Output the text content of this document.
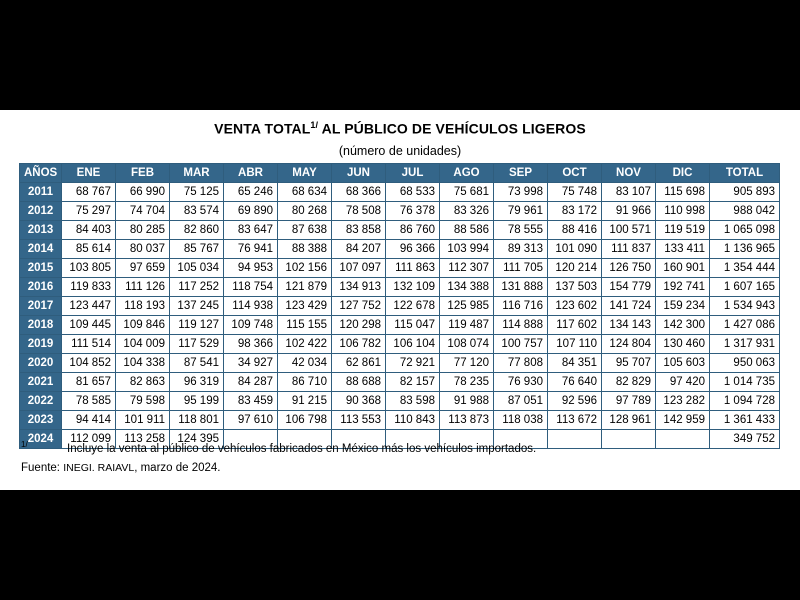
VENTA $TOTAL^{1/}$ AL PÚBLICO DE VEHÍCULOS LIGEROS
(número de unidades)
AÑOS	ENE	FEB	MAR	ABR	MAY	JUN	JUL	AGO	SEP	OCT	NOV	DIC	TOTAL
2011	68 767	66 990	75 125	65 246	68 634	68 366	68 533	75 681	73 998	75 748	83 107	115 698	905 893
2012	75 297	74 704	83 574	69 890	80 268	78 508	76 378	83 326	79 961	83 172	91 966	110 998	988 042
2013	84 403	80 285	82 860	83 647	87 638	83 858	86 760	88 586	78 555	88 416	100 571	119 519	1 065 098
2014	85 614	80 037	85 767	76 941	88 388	84 207	96 366	103 994	89 313	101 090	111 837	133 411	1 136 965
2015	103 805	97 659	105 034	94 953	102 156	107 097	111 863	112 307	111 705	120 214	126 750	160 901	1 354 444
2016	119 833	111 126	117 252	118 754	121 879	134 913	132 109	134 388	131 888	137 503	154 779	192 741	1 607 165
2017	123 447	118 193	137 245	114 938	123 429	127 752	122 678	125 985	116 716	123 602	141 724	159 234	1 534 943
2018	109 445	109 846	119 127	109 748	115 155	120 298	115 047	119 487	114 888	117 602	134 143	142 300	1 427 086
2019	111 514	104 009	117 529	98 366	102 422	106 782	106 104	108 074	100 757	107 110	124 804	130 460	1 317 931
2020	104 852	104 338	87 541	34 927	42 034	62 861	72 921	77 120	77 808	84 351	95 707	105 603	950 063
2021	81 657	82 863	96 319	84 287	86 710	88 688	82 157	78 235	76 930	76 640	82 829	97 420	1 014 735
2022	78 585	79 598	95 199	83 459	91 215	90 368	83 598	91 988	87 051	92 596	97 789	123 282	1 094 728
2023	94 414	101 911	118 801	97 610	106 798	113 553	110 843	113 873	118 038	113 672	128 961	142 959	1 361 433
2024	112 099	113 258	124 395										349 752
1/	Incluye la venta al público de vehículos fabricados en México más los vehículos importados.
Fuente: INEGI. RAIAVL, marzo de 2024.
